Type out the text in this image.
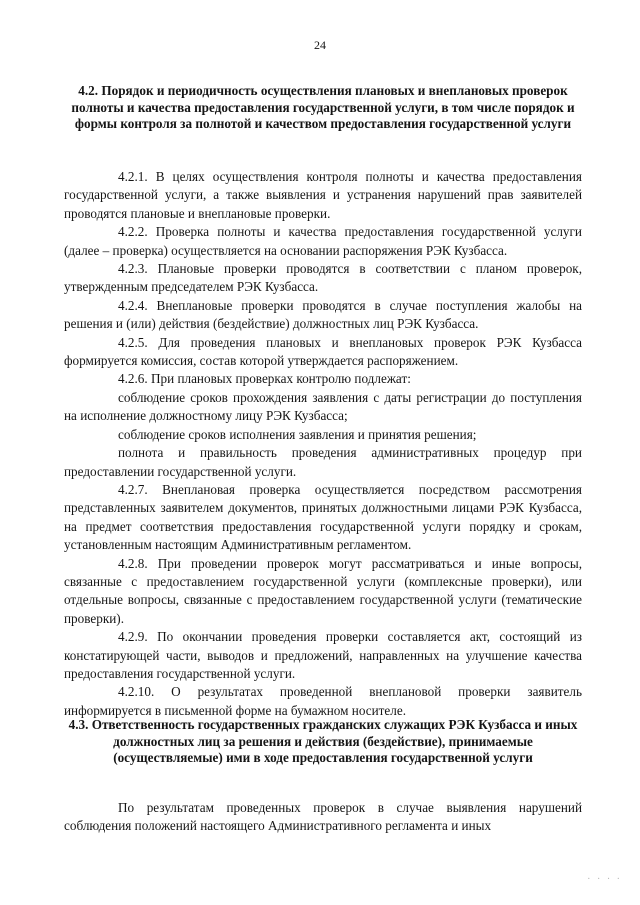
24
4.2. Порядок и периодичность осуществления плановых и внеплановых проверок полноты и качества предоставления государственной услуги, в том числе порядок и формы контроля за полнотой и качеством предоставления государственной услуги

4.2.1. В целях осуществления контроля полноты и качества предоставления государственной услуги, а также выявления и устранения нарушений прав заявителей проводятся плановые и внеплановые проверки.

4.2.2. Проверка полноты и качества предоставления государственной услуги (далее – проверка) осуществляется на основании распоряжения РЭК Кузбасса.

4.2.3. Плановые проверки проводятся в соответствии с планом проверок, утвержденным председателем РЭК Кузбасса.

4.2.4. Внеплановые проверки проводятся в случае поступления жалобы на решения и (или) действия (бездействие) должностных лиц РЭК Кузбасса.

4.2.5. Для проведения плановых и внеплановых проверок РЭК Кузбасса формируется комиссия, состав которой утверждается распоряжением.

4.2.6. При плановых проверках контролю подлежат:

соблюдение сроков прохождения заявления с даты регистрации до поступления на исполнение должностному лицу РЭК Кузбасса;

соблюдение сроков исполнения заявления и принятия решения;

полнота и правильность проведения административных процедур при предоставлении государственной услуги.

4.2.7. Внеплановая проверка осуществляется посредством рассмотрения представленных заявителем документов, принятых должностными лицами РЭК Кузбасса, на предмет соответствия предоставления государственной услуги порядку и срокам, установленным настоящим Административным регламентом.

4.2.8. При проведении проверок могут рассматриваться и иные вопросы, связанные с предоставлением государственной услуги (комплексные проверки), или отдельные вопросы, связанные с предоставлением государственной услуги (тематические проверки).

4.2.9. По окончании проведения проверки составляется акт, состоящий из констатирующей части, выводов и предложений, направленных на улучшение качества предоставления государственной услуги.

4.2.10. О результатах проведенной внеплановой проверки заявитель информируется в письменной форме на бумажном носителе.

4.3. Ответственность государственных гражданских служащих РЭК Кузбасса и иных должностных лиц за решения и действия (бездействие), принимаемые (осуществляемые) ими в ходе предоставления государственной услуги

По результатам проведенных проверок в случае выявления нарушений соблюдения положений настоящего Административного регламента и иных

· · · ·
